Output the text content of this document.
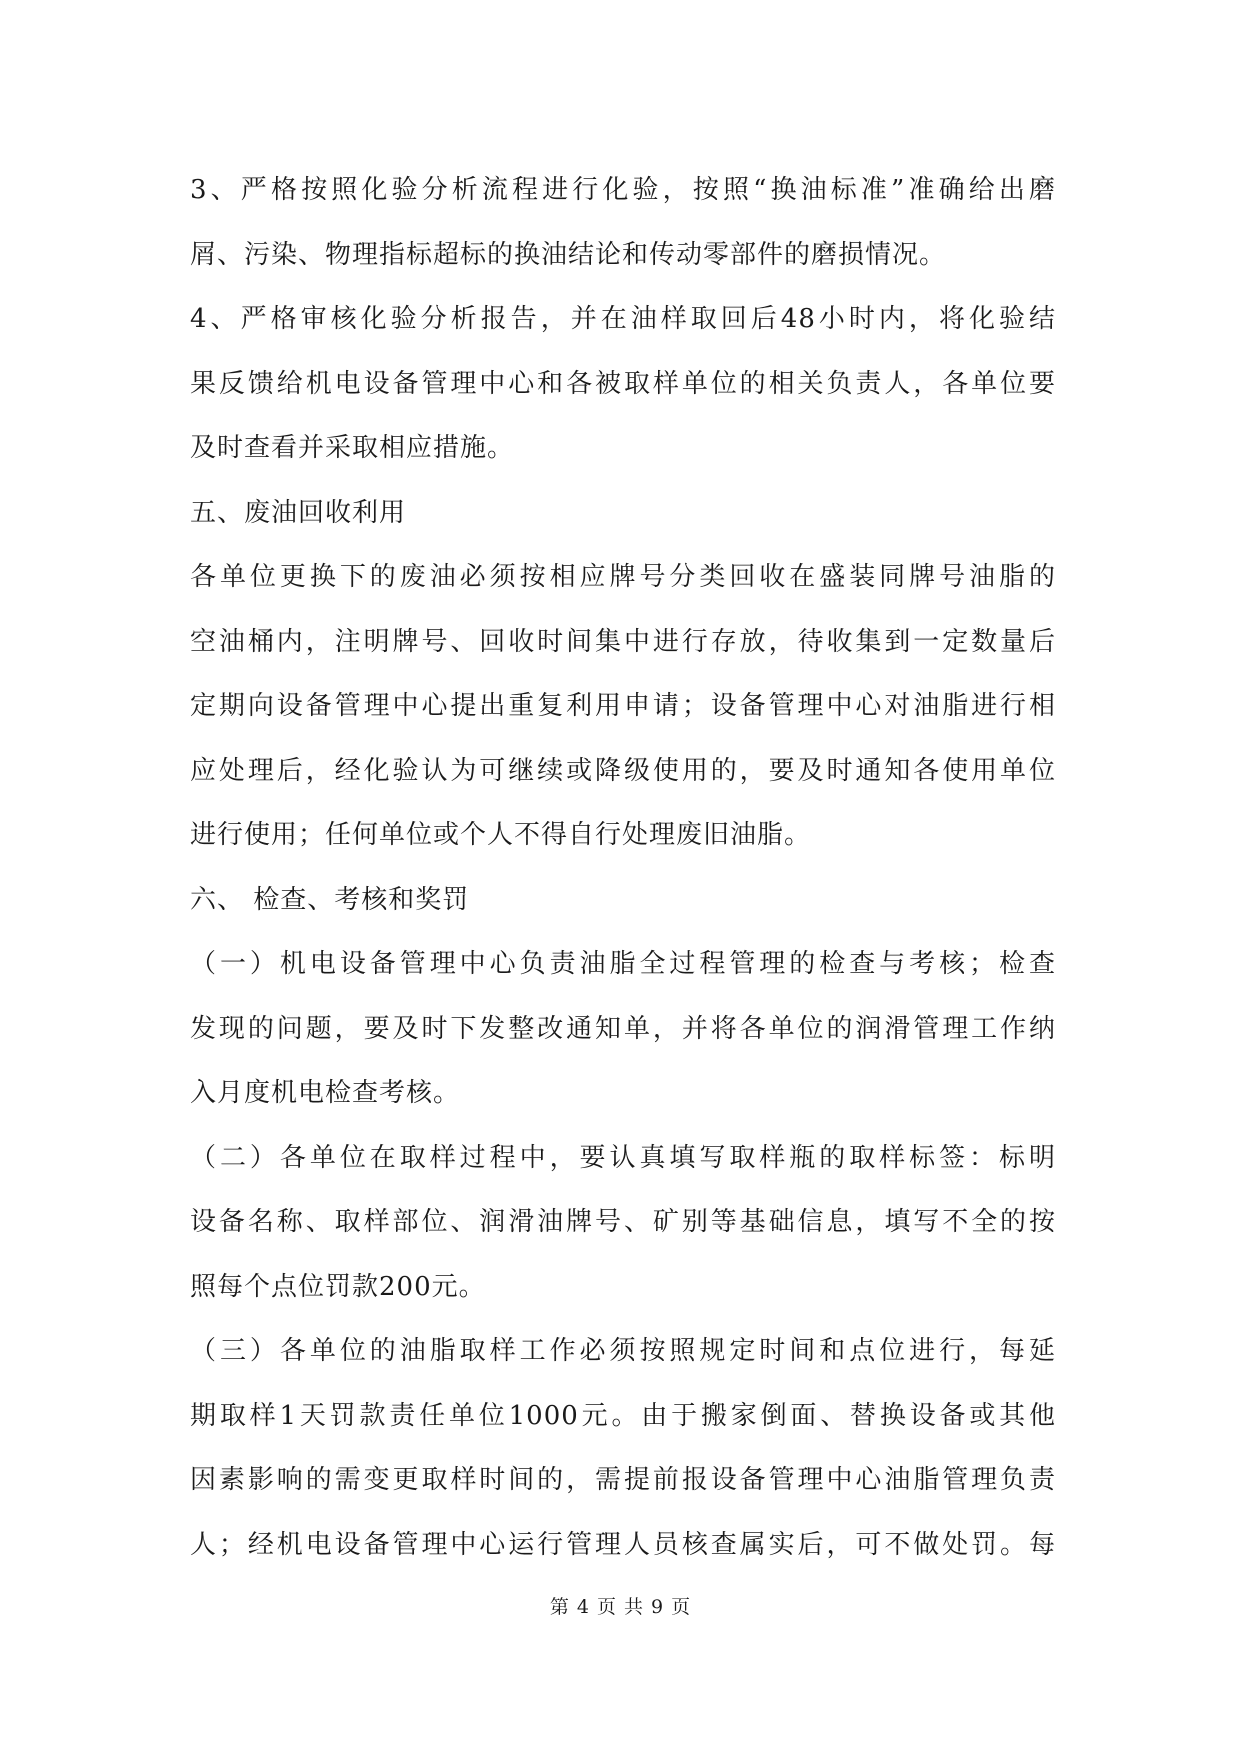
3、严格按照化验分析流程进行化验，按照“换油标准”准确给出磨
屑、污染、物理指标超标的换油结论和传动零部件的磨损情况。
4、严格审核化验分析报告，并在油样取回后48小时内，将化验结
果反馈给机电设备管理中心和各被取样单位的相关负责人，各单位要
及时查看并采取相应措施。
五、废油回收利用
各单位更换下的废油必须按相应牌号分类回收在盛装同牌号油脂的
空油桶内，注明牌号、回收时间集中进行存放，待收集到一定数量后
定期向设备管理中心提出重复利用申请；设备管理中心对油脂进行相
应处理后，经化验认为可继续或降级使用的，要及时通知各使用单位
进行使用；任何单位或个人不得自行处理废旧油脂。
六、 检查、考核和奖罚
（一）机电设备管理中心负责油脂全过程管理的检查与考核；检查
发现的问题，要及时下发整改通知单，并将各单位的润滑管理工作纳
入月度机电检查考核。
（二）各单位在取样过程中，要认真填写取样瓶的取样标签：标明
设备名称、取样部位、润滑油牌号、矿别等基础信息，填写不全的按
照每个点位罚款200元。
（三）各单位的油脂取样工作必须按照规定时间和点位进行，每延
期取样1天罚款责任单位1000元。由于搬家倒面、替换设备或其他
因素影响的需变更取样时间的，需提前报设备管理中心油脂管理负责
人；经机电设备管理中心运行管理人员核查属实后，可不做处罚。每
第 4 页 共 9 页
